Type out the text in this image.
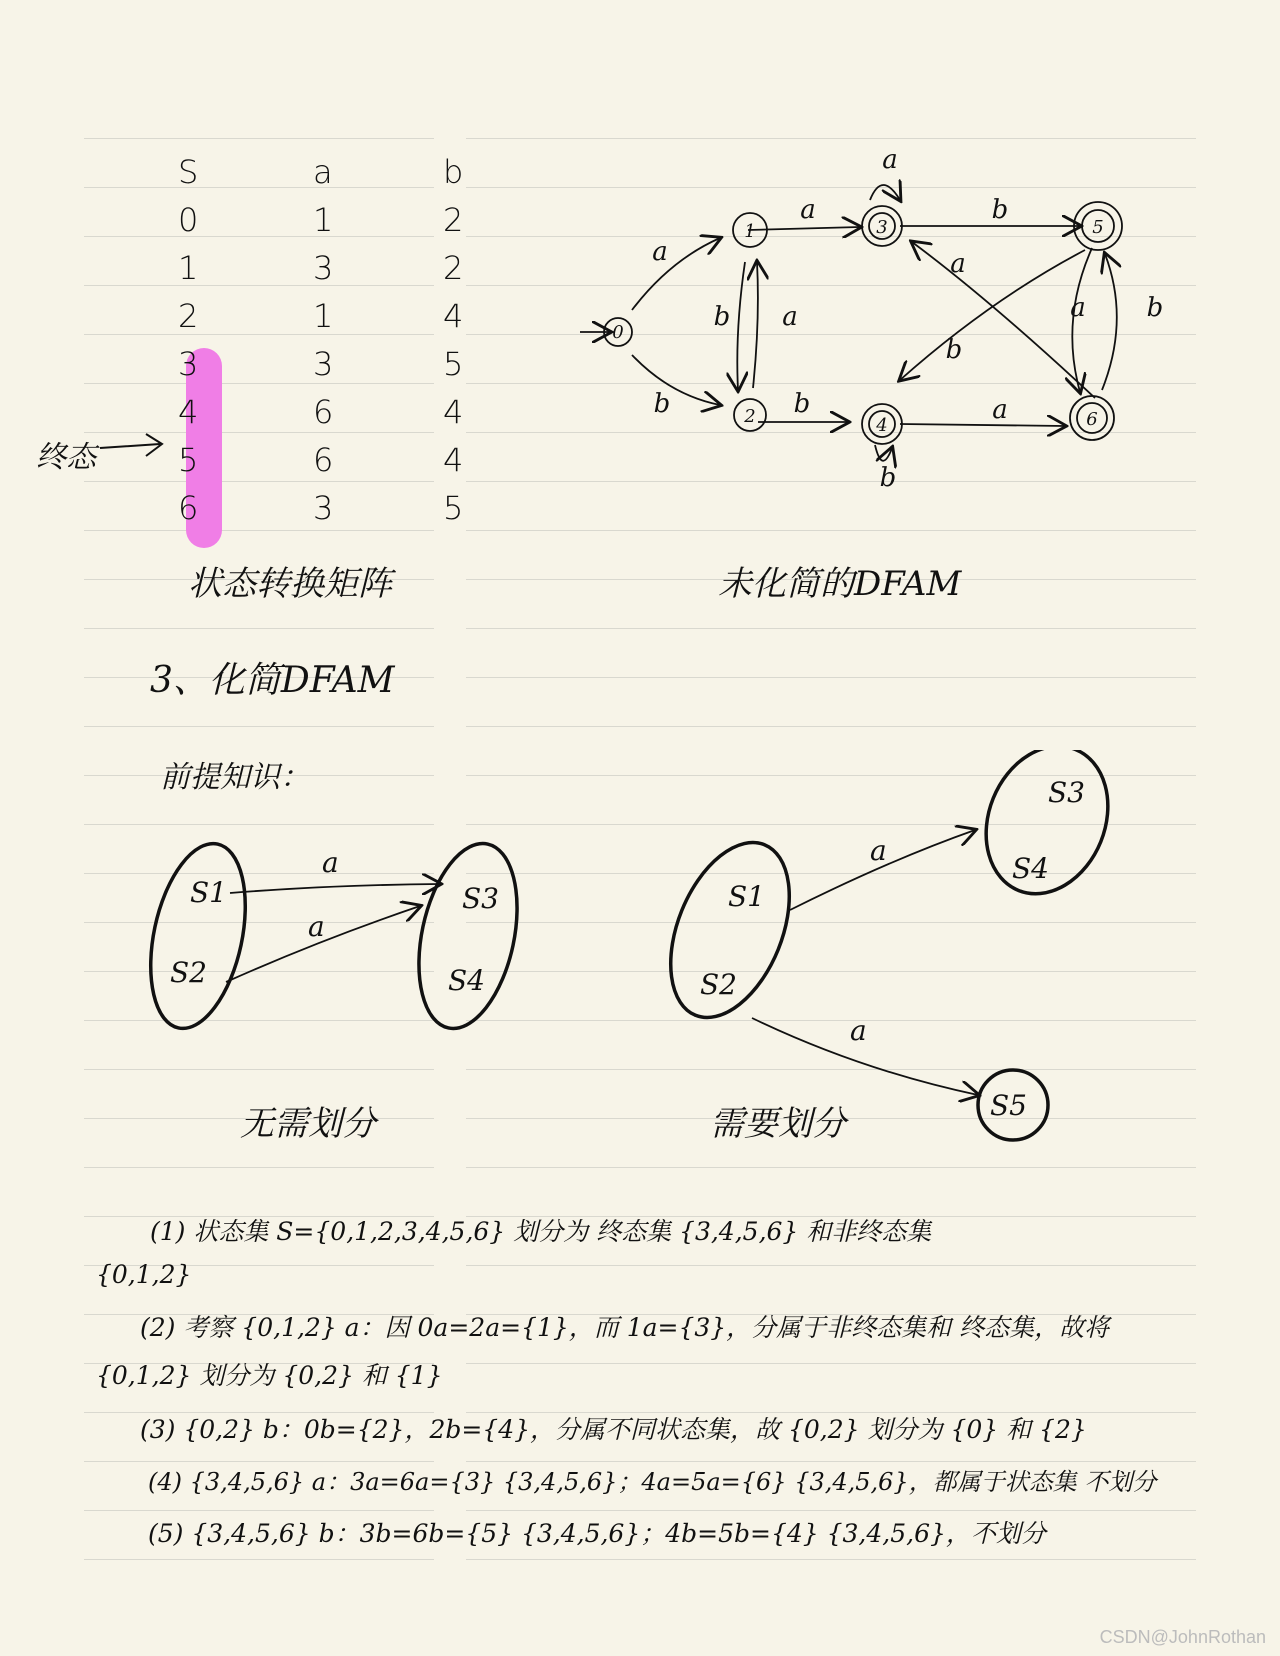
S	a	b
0	1	2
1	3	2
2	1	4
3	3	5
4	6	4
5	6	4
6	3	5
终态
状态转换矩阵
0
1
2
3
4
5
6
a
b
a
b a
b
a
b
b
a
a
b
a b
未化简的DFAM
3、化简DFAM
前提知识：
S1
S2
S3
S4
a
a
无需划分
S1
S2
S3
S4
S5
a
a
需要划分
(1) 状态集 S={0,1,2,3,4,5,6} 划分为 终态集 {3,4,5,6} 和非终态集
{0,1,2}
(2) 考察 {0,1,2} a：因 0a=2a={1}，而 1a={3}，分属于非终态集和 终态集，故将
{0,1,2} 划分为 {0,2} 和 {1}
(3) {0,2} b：0b={2}，2b={4}，分属不同状态集，故 {0,2} 划分为 {0} 和 {2}
(4) {3,4,5,6} a：3a=6a={3} {3,4,5,6}；4a=5a={6} {3,4,5,6}，都属于状态集 不划分
(5) {3,4,5,6} b：3b=6b={5} {3,4,5,6}；4b=5b={4} {3,4,5,6}，不划分
CSDN@JohnRothan
